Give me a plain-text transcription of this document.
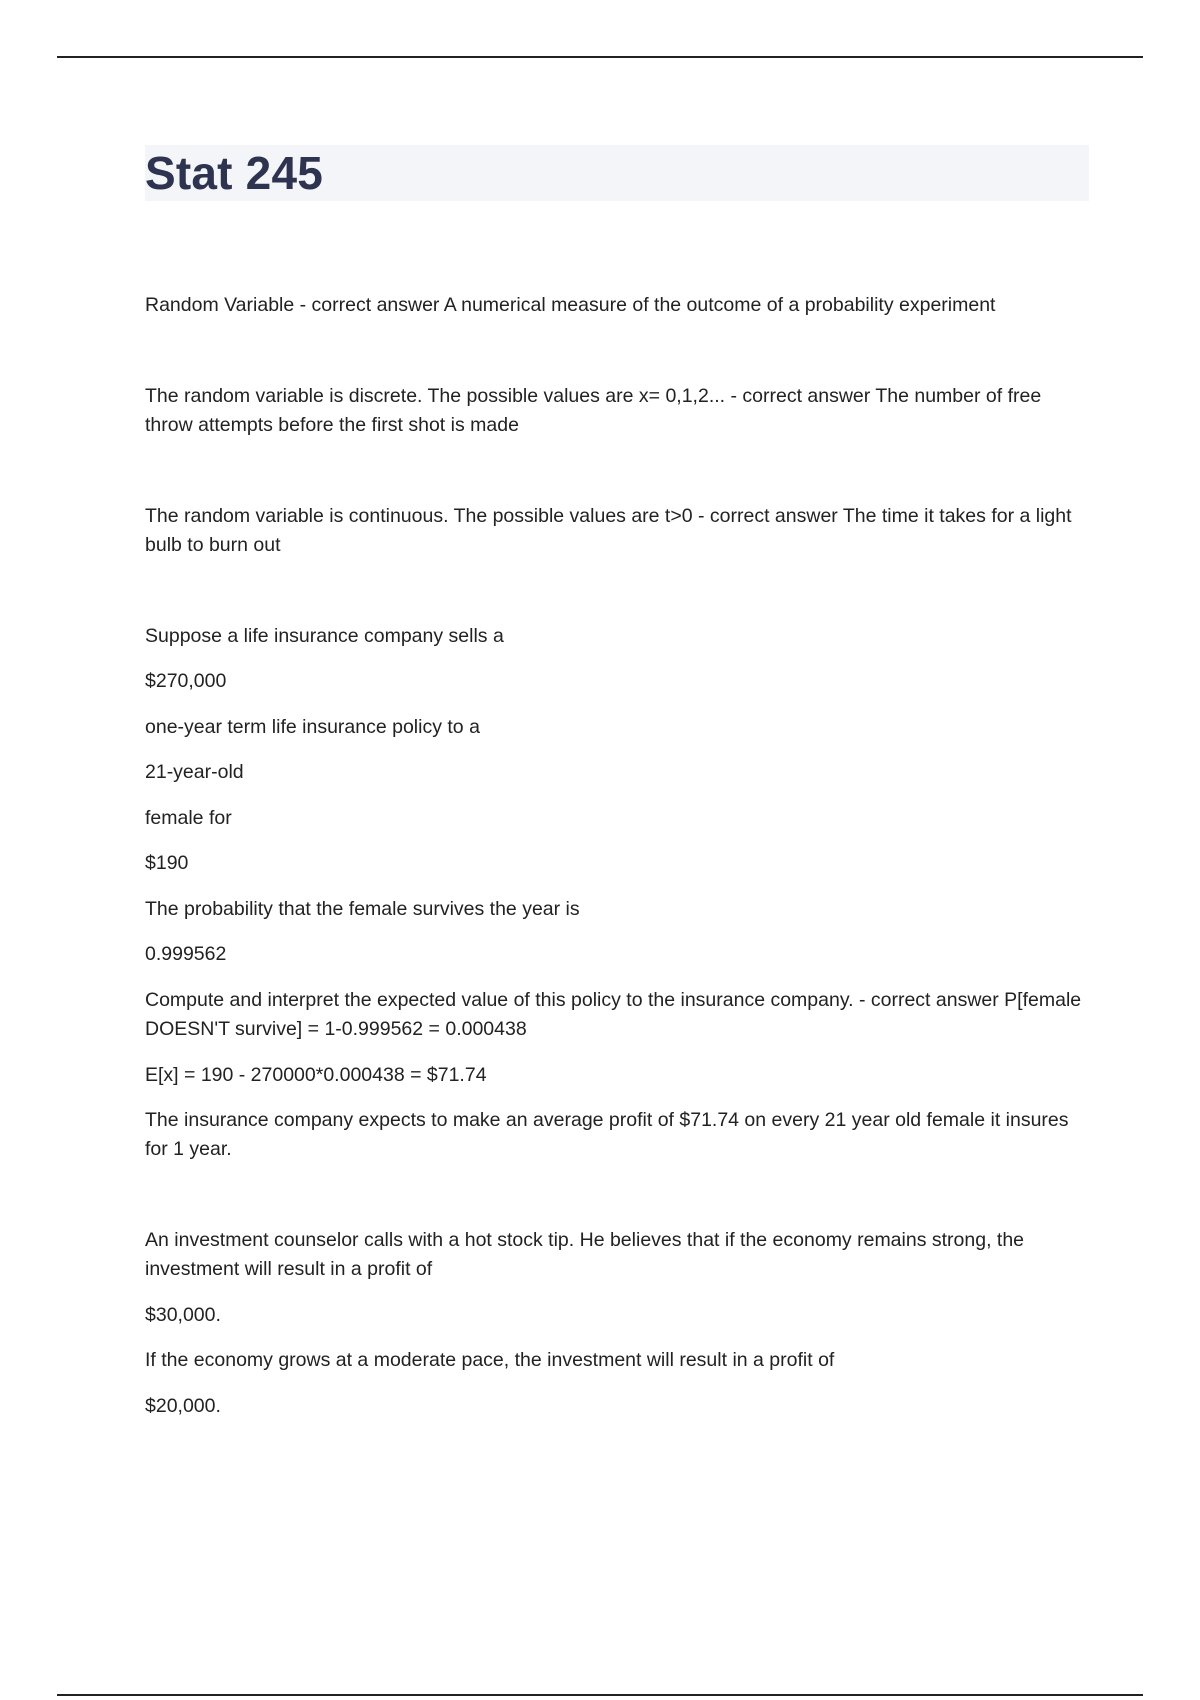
Stat 245

Random Variable - correct answer A numerical measure of the outcome of a probability experiment

The random variable is discrete. The possible values are x= 0,1,2... - correct answer The number of free throw attempts before the first shot is made

The random variable is continuous. The possible values are t>0 - correct answer The time it takes for a light bulb to burn out

Suppose a life insurance company sells a

$270,000

one-year term life insurance policy to a

21-year-old

female for

$190

The probability that the female survives the year is

0.999562

Compute and interpret the expected value of this policy to the insurance company. - correct answer P[female DOESN'T survive] = 1-0.999562 = 0.000438

E[x] = 190 - 270000*0.000438 = $71.74

The insurance company expects to make an average profit of $71.74 on every 21 year old female it insures for 1 year.

An investment counselor calls with a hot stock tip. He believes that if the economy remains strong, the investment will result in a profit of

$30,000.

If the economy grows at a moderate pace, the investment will result in a profit of

$20,000.
